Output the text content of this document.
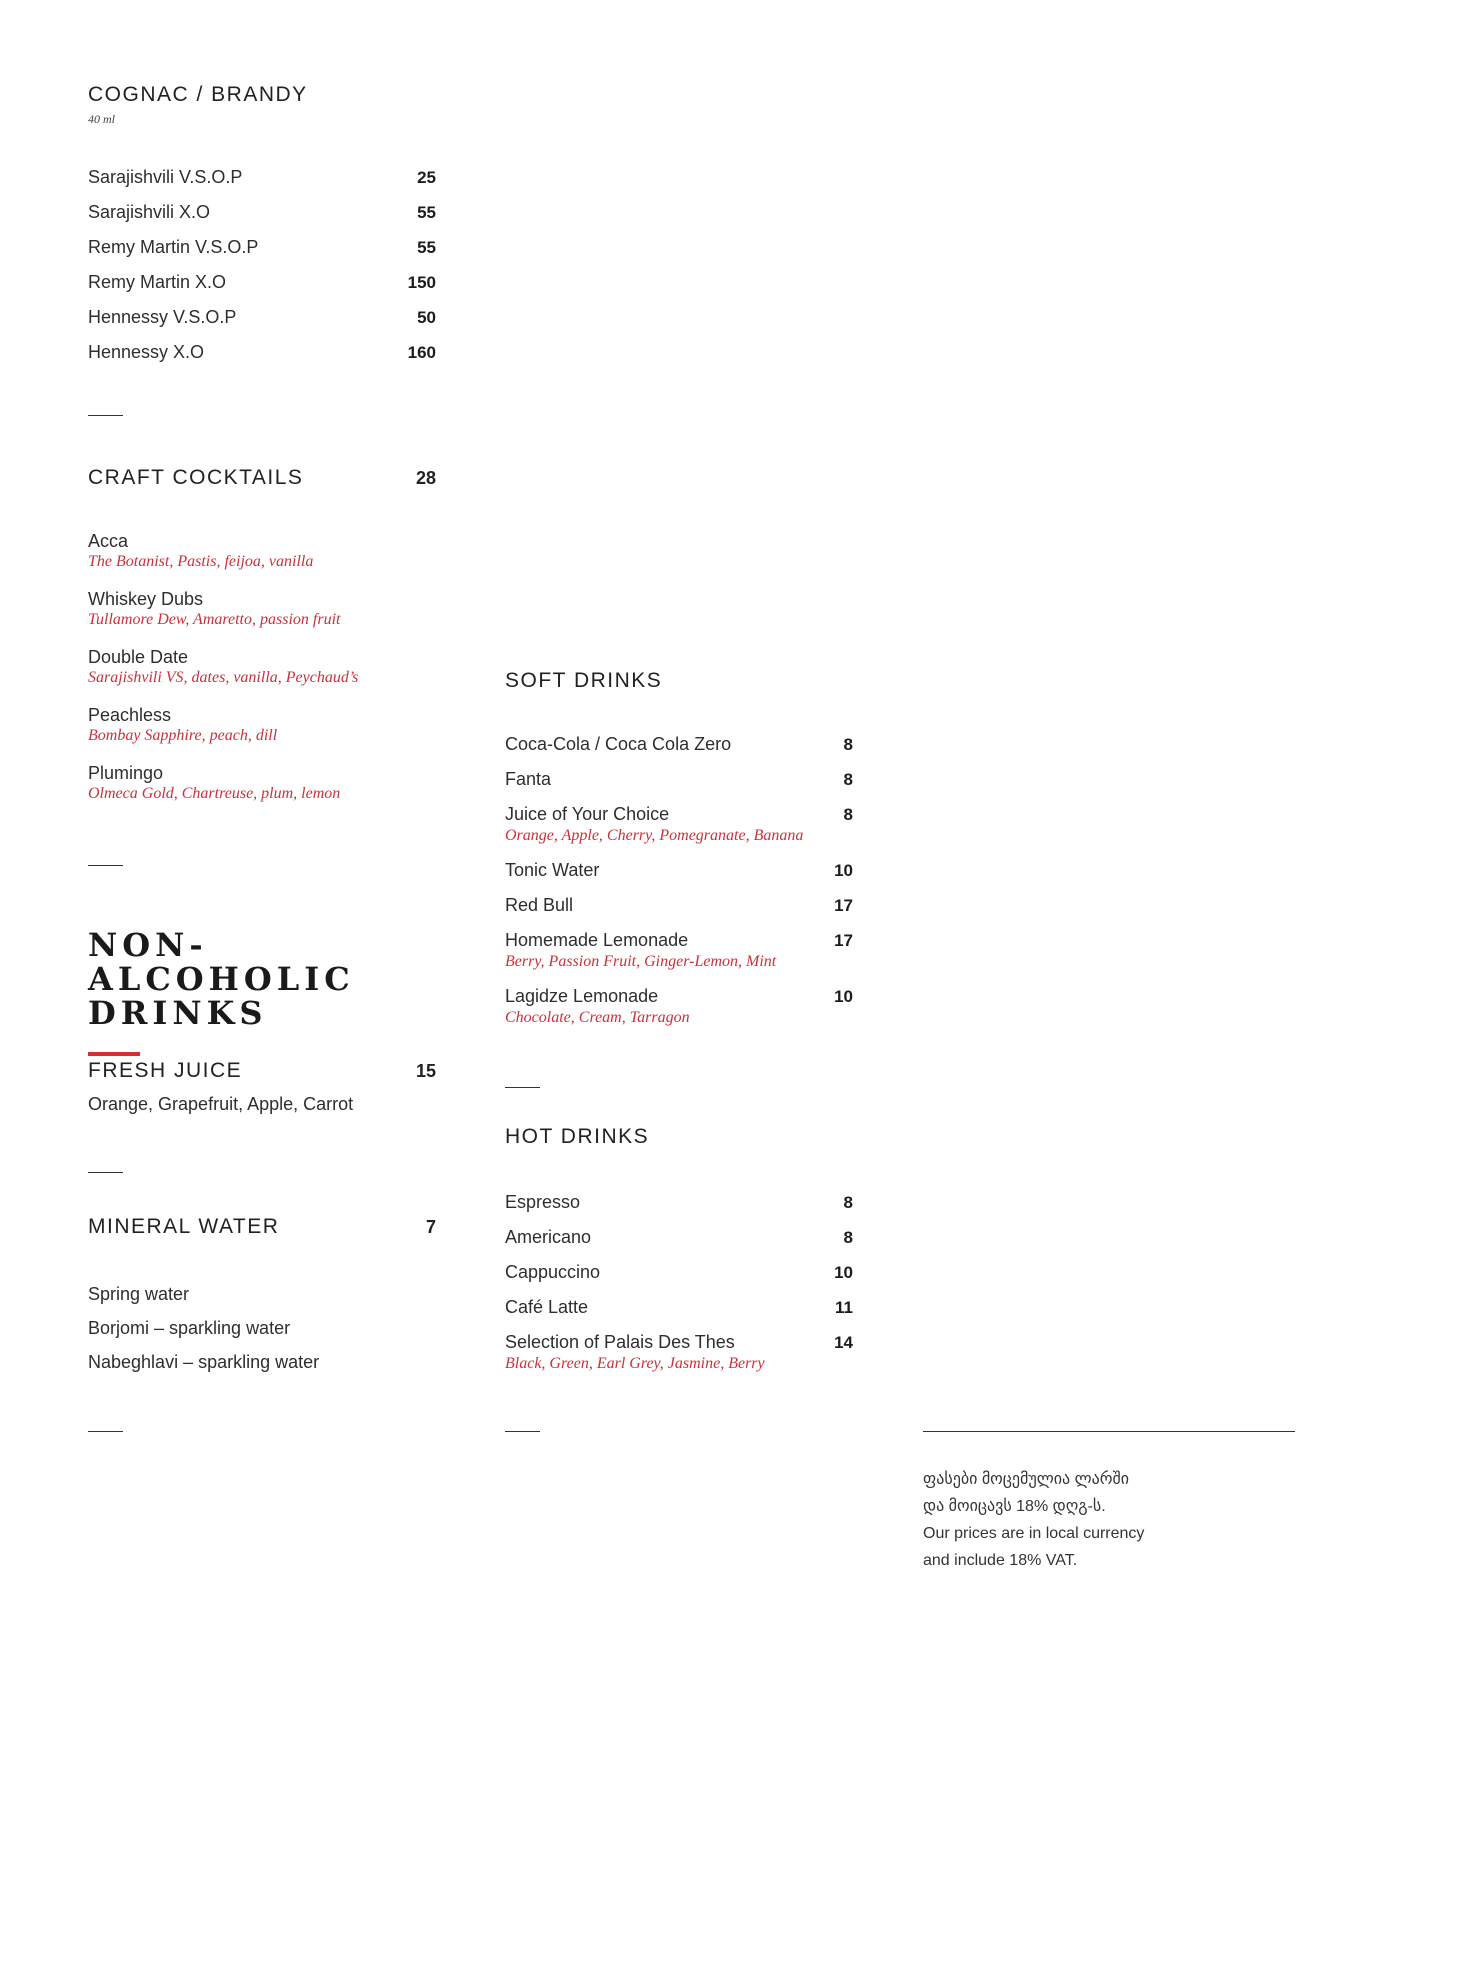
COGNAC / BRANDY
40 ml
Sarajishvili V.S.O.P	25
Sarajishvili X.O	55
Remy Martin V.S.O.P	55
Remy Martin X.O	150
Hennessy V.S.O.P	50
Hennessy X.O	160
CRAFT COCKTAILS	28
Acca
The Botanist, Pastis, feijoa, vanilla
Whiskey Dubs
Tullamore Dew, Amaretto, passion fruit
Double Date
Sarajishvili VS, dates, vanilla, Peychaud’s
Peachless
Bombay Sapphire, peach, dill
Plumingo
Olmeca Gold, Chartreuse, plum, lemon
NON-ALCOHOLIC
DRINKS
FRESH JUICE	15
Orange, Grapefruit, Apple, Carrot
MINERAL WATER	7
Spring water
Borjomi – sparkling water
Nabeghlavi – sparkling water
SOFT DRINKS
Coca-Cola / Coca Cola Zero	8
Fanta	8
Juice of Your Choice	8
Orange, Apple, Cherry, Pomegranate, Banana
Tonic Water	10
Red Bull	17
Homemade Lemonade	17
Berry, Passion Fruit, Ginger-Lemon, Mint
Lagidze Lemonade	10
Chocolate, Cream, Tarragon
HOT DRINKS
Espresso	8
Americano	8
Cappuccino	10
Café Latte	11
Selection of Palais Des Thes	14
Black, Green, Earl Grey, Jasmine, Berry
ფასები მოცემულია ლარში
და მოიცავს 18% დღგ-ს.
Our prices are in local currency
and include 18% VAT.
